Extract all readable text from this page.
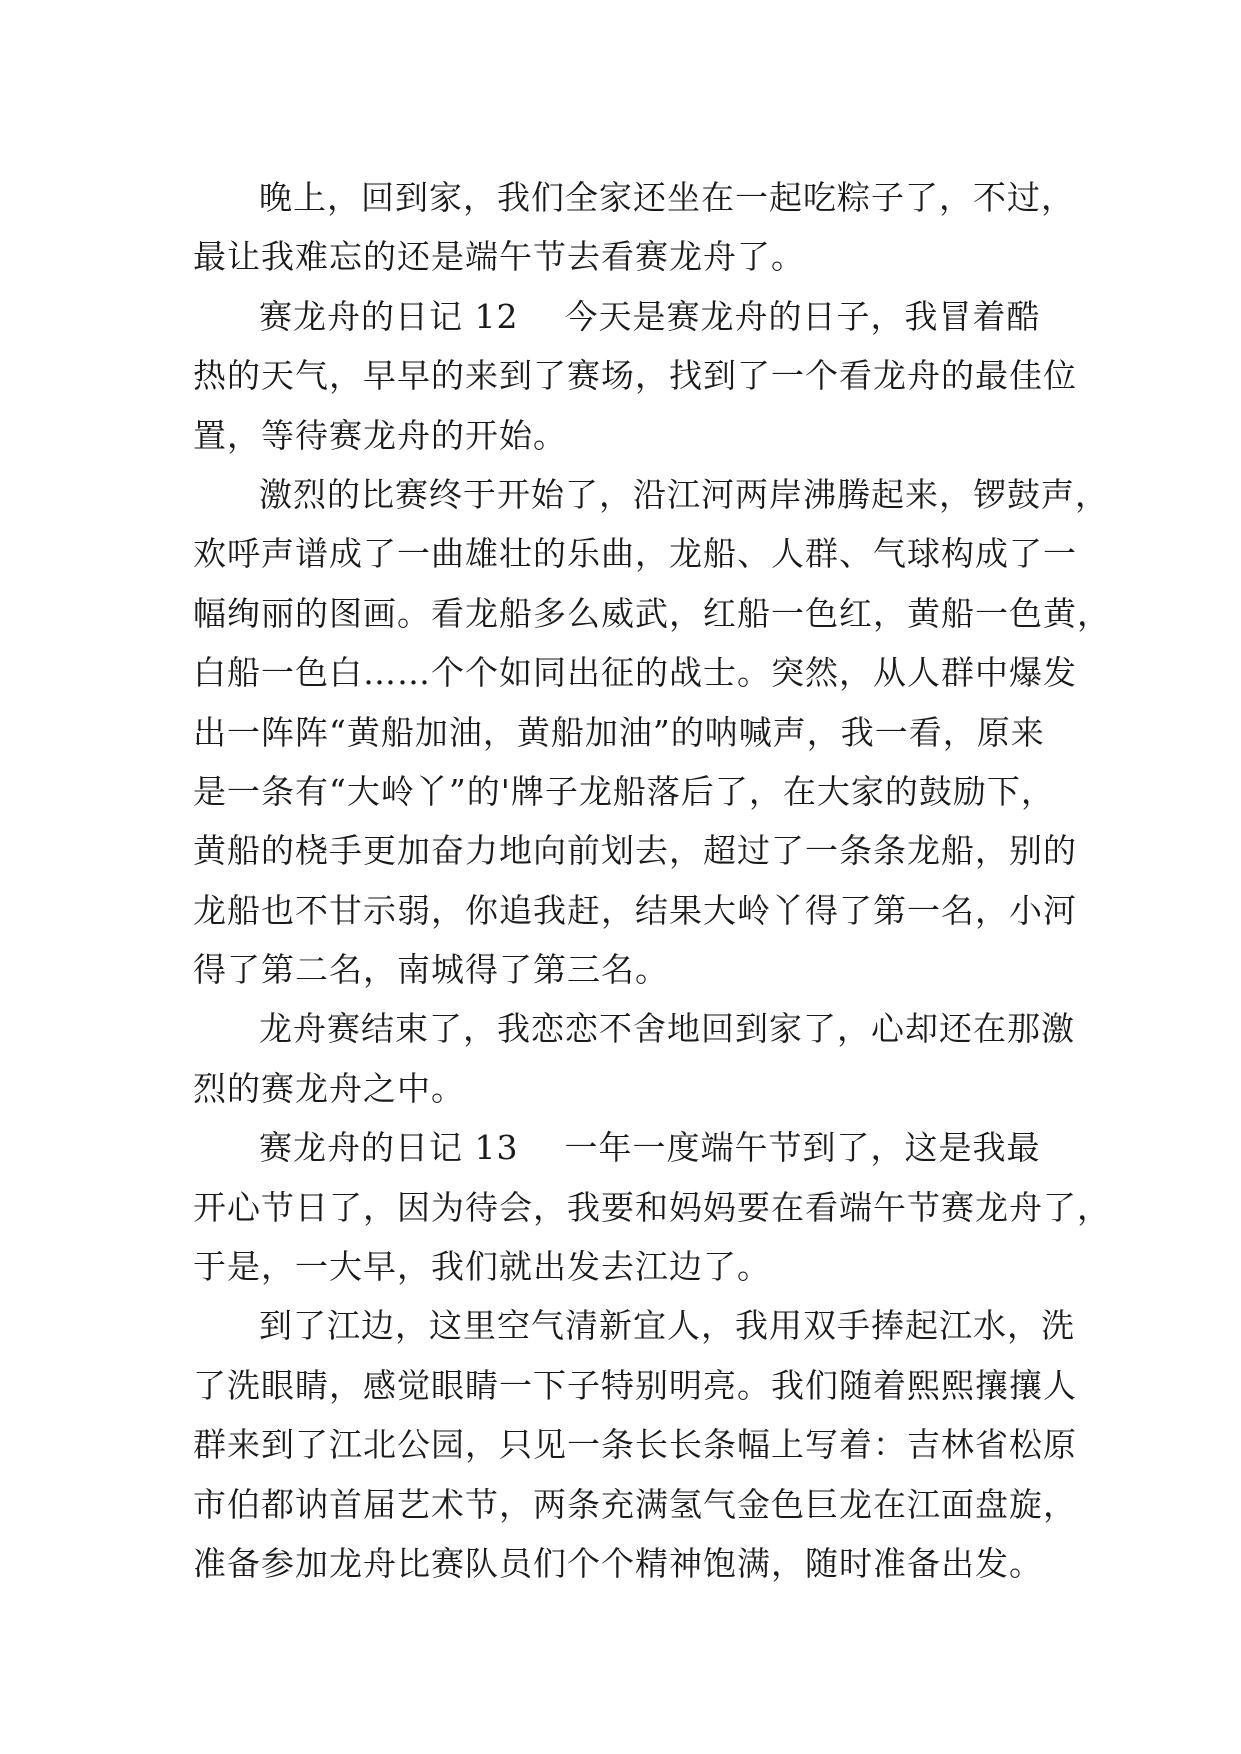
晚上，回到家，我们全家还坐在一起吃粽子了，不过，
最让我难忘的还是端午节去看赛龙舟了。
赛龙舟的日记 12    今天是赛龙舟的日子，我冒着酷
热的天气，早早的来到了赛场，找到了一个看龙舟的最佳位
置，等待赛龙舟的开始。
激烈的比赛终于开始了，沿江河两岸沸腾起来，锣鼓声，
欢呼声谱成了一曲雄壮的乐曲，龙船、人群、气球构成了一
幅绚丽的图画。看龙船多么威武，红船一色红，黄船一色黄，
白船一色白……个个如同出征的战士。突然，从人群中爆发
出一阵阵“黄船加油，黄船加油”的呐喊声，我一看，原来
是一条有“大岭丫”的'牌子龙船落后了，在大家的鼓励下，
黄船的桡手更加奋力地向前划去，超过了一条条龙船，别的
龙船也不甘示弱，你追我赶，结果大岭丫得了第一名，小河
得了第二名，南城得了第三名。
龙舟赛结束了，我恋恋不舍地回到家了，心却还在那激
烈的赛龙舟之中。
赛龙舟的日记 13    一年一度端午节到了，这是我最
开心节日了，因为待会，我要和妈妈要在看端午节赛龙舟了，
于是，一大早，我们就出发去江边了。
到了江边，这里空气清新宜人，我用双手捧起江水，洗
了洗眼睛，感觉眼睛一下子特别明亮。我们随着熙熙攘攘人
群来到了江北公园，只见一条长长条幅上写着：吉林省松原
市伯都讷首届艺术节，两条充满氢气金色巨龙在江面盘旋，
准备参加龙舟比赛队员们个个精神饱满，随时准备出发。
